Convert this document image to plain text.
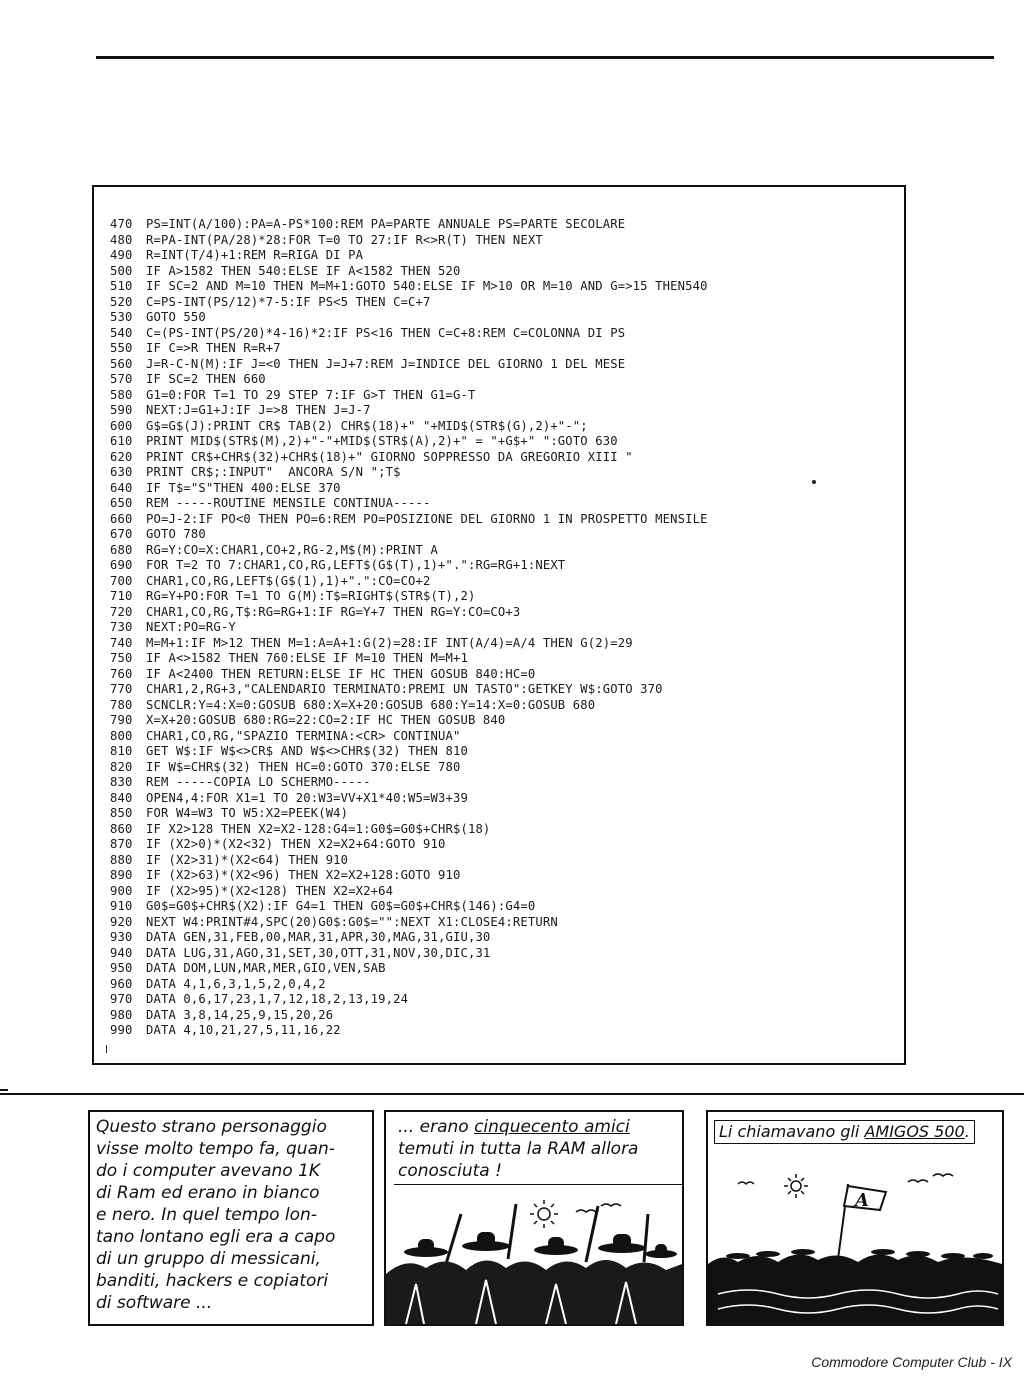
470 PS=INT(A/100):PA=A-PS*100:REM PA=PARTE ANNUALE PS=PARTE SECOLARE
480 R=PA-INT(PA/28)*28:FOR T=0 TO 27:IF R<>R(T) THEN NEXT
490 R=INT(T/4)+1:REM R=RIGA DI PA
500 IF A>1582 THEN 540:ELSE IF A<1582 THEN 520
510 IF SC=2 AND M=10 THEN M=M+1:GOTO 540:ELSE IF M>10 OR M=10 AND G=>15 THEN540
520 C=PS-INT(PS/12)*7-5:IF PS<5 THEN C=C+7
530 GOTO 550
540 C=(PS-INT(PS/20)*4-16)*2:IF PS<16 THEN C=C+8:REM C=COLONNA DI PS
550 IF C=>R THEN R=R+7
560 J=R-C-N(M):IF J=<0 THEN J=J+7:REM J=INDICE DEL GIORNO 1 DEL MESE
570 IF SC=2 THEN 660
580 G1=0:FOR T=1 TO 29 STEP 7:IF G>T THEN G1=G-T
590 NEXT:J=G1+J:IF J=>8 THEN J=J-7
600 G$=G$(J):PRINT CR$ TAB(2) CHR$(18)+" "+MID$(STR$(G),2)+"-";
610 PRINT MID$(STR$(M),2)+"-"+MID$(STR$(A),2)+" = "+G$+" ":GOTO 630
620 PRINT CR$+CHR$(32)+CHR$(18)+" GIORNO SOPPRESSO DA GREGORIO XIII "
630 PRINT CR$;:INPUT"  ANCORA S/N ";T$
640 IF T$="S"THEN 400:ELSE 370
650 REM -----ROUTINE MENSILE CONTINUA-----
660 PO=J-2:IF PO<0 THEN PO=6:REM PO=POSIZIONE DEL GIORNO 1 IN PROSPETTO MENSILE
670 GOTO 780
680 RG=Y:CO=X:CHAR1,CO+2,RG-2,M$(M):PRINT A
690 FOR T=2 TO 7:CHAR1,CO,RG,LEFT$(G$(T),1)+".":RG=RG+1:NEXT
700 CHAR1,CO,RG,LEFT$(G$(1),1)+".":CO=CO+2
710 RG=Y+PO:FOR T=1 TO G(M):T$=RIGHT$(STR$(T),2)
720 CHAR1,CO,RG,T$:RG=RG+1:IF RG=Y+7 THEN RG=Y:CO=CO+3
730 NEXT:PO=RG-Y
740 M=M+1:IF M>12 THEN M=1:A=A+1:G(2)=28:IF INT(A/4)=A/4 THEN G(2)=29
750 IF A<>1582 THEN 760:ELSE IF M=10 THEN M=M+1
760 IF A<2400 THEN RETURN:ELSE IF HC THEN GOSUB 840:HC=0
770 CHAR1,2,RG+3,"CALENDARIO TERMINATO:PREMI UN TASTO":GETKEY W$:GOTO 370
780 SCNCLR:Y=4:X=0:GOSUB 680:X=X+20:GOSUB 680:Y=14:X=0:GOSUB 680
790 X=X+20:GOSUB 680:RG=22:CO=2:IF HC THEN GOSUB 840
800 CHAR1,CO,RG,"SPAZIO TERMINA:<CR> CONTINUA"
810 GET W$:IF W$<>CR$ AND W$<>CHR$(32) THEN 810
820 IF W$=CHR$(32) THEN HC=0:GOTO 370:ELSE 780
830 REM -----COPIA LO SCHERMO-----
840 OPEN4,4:FOR X1=1 TO 20:W3=VV+X1*40:W5=W3+39
850 FOR W4=W3 TO W5:X2=PEEK(W4)
860 IF X2>128 THEN X2=X2-128:G4=1:G0$=G0$+CHR$(18)
870 IF (X2>0)*(X2<32) THEN X2=X2+64:GOTO 910
880 IF (X2>31)*(X2<64) THEN 910
890 IF (X2>63)*(X2<96) THEN X2=X2+128:GOTO 910
900 IF (X2>95)*(X2<128) THEN X2=X2+64
910 G0$=G0$+CHR$(X2):IF G4=1 THEN G0$=G0$+CHR$(146):G4=0
920 NEXT W4:PRINT#4,SPC(20)G0$:G0$="":NEXT X1:CLOSE4:RETURN
930 DATA GEN,31,FEB,00,MAR,31,APR,30,MAG,31,GIU,30
940 DATA LUG,31,AGO,31,SET,30,OTT,31,NOV,30,DIC,31
950 DATA DOM,LUN,MAR,MER,GIO,VEN,SAB
960 DATA 4,1,6,3,1,5,2,0,4,2
970 DATA 0,6,17,23,1,7,12,18,2,13,19,24
980 DATA 3,8,14,25,9,15,20,26
990 DATA 4,10,21,27,5,11,16,22
Questo strano personaggio
visse molto tempo fa, quan-
do i computer avevano 1K
di Ram ed erano in bianco
e nero. In quel tempo lon-
tano lontano egli era a capo
di un gruppo di messicani,
banditi, hackers e copiatori
di software ...
... erano cinquecento amici
temuti in tutta la RAM allora
conosciuta !
Li chiamavano gli AMIGOS 500.
A
Commodore Computer Club - IX
